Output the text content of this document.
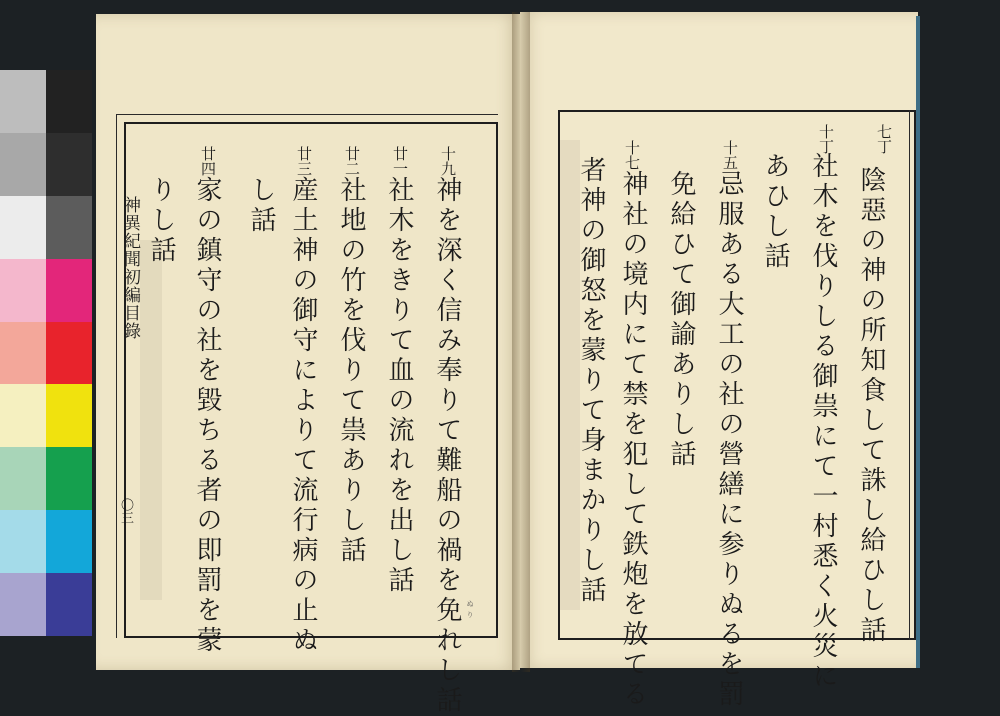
神異紀聞初編目錄
〇三
十九
神を深く信み奉りて難船の禍を免れし話
廿一
社木をきりて血の流れを出し話
廿二
社地の竹を伐りて祟ありし話
廿三
産土神の御守によりて流行病の止ぬ
し話
廿四
家の鎮守の社を毀ちる者の即罰を蒙
りし話
ぬり
七丁
陰惡の神の所知食して誅し給ひし話
十丁
社木を伐りしる御祟にて一村悉く火災に
あひし話
十五
忌服ある大工の社の營繕に参りぬるを罰
免給ひて御諭ありし話
十七
神社の境内にて禁を犯して鉄炮を放てる
者神の御怒を蒙りて身まかりし話
